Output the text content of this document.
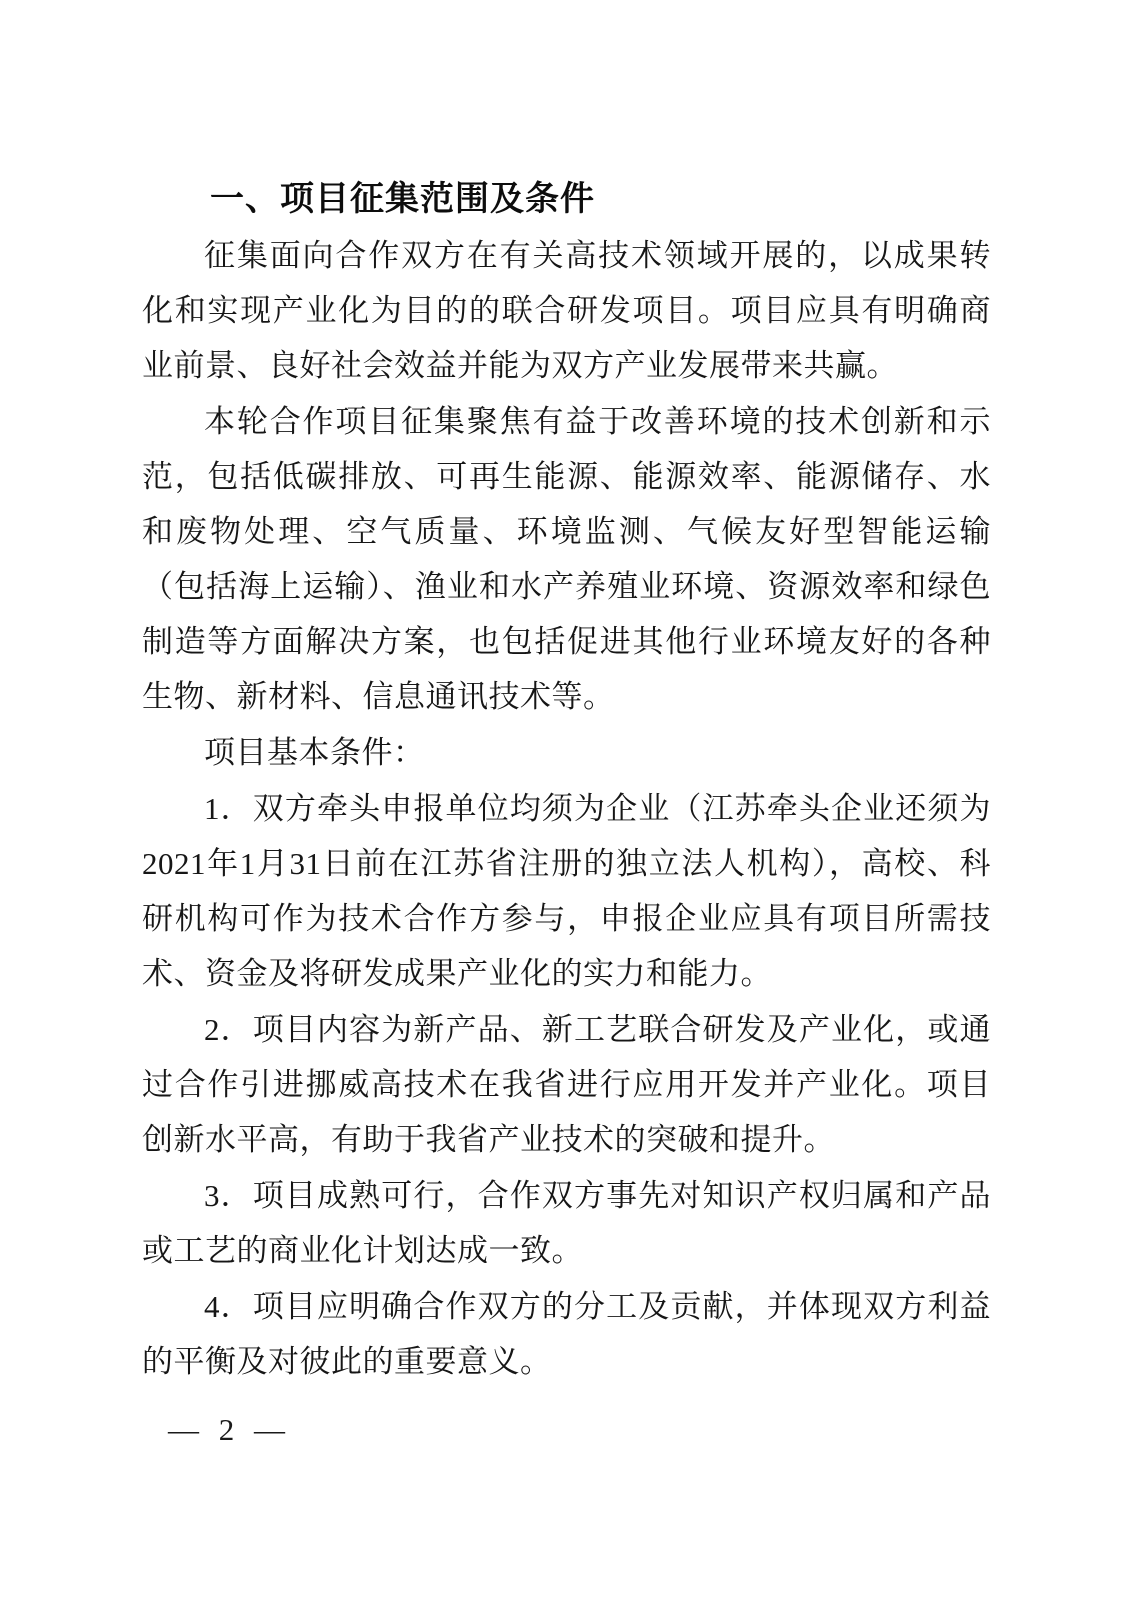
一、项目征集范围及条件

征集面向合作双方在有关高技术领域开展的，以成果转化和实现产业化为目的的联合研发项目。项目应具有明确商业前景、良好社会效益并能为双方产业发展带来共赢。

本轮合作项目征集聚焦有益于改善环境的技术创新和示范，包括低碳排放、可再生能源、能源效率、能源储存、水和废物处理、空气质量、环境监测、气候友好型智能运输（包括海上运输）、渔业和水产养殖业环境、资源效率和绿色制造等方面解决方案，也包括促进其他行业环境友好的各种生物、新材料、信息通讯技术等。

项目基本条件：

1．双方牵头申报单位均须为企业（江苏牵头企业还须为2021年1月31日前在江苏省注册的独立法人机构），高校、科研机构可作为技术合作方参与，申报企业应具有项目所需技术、资金及将研发成果产业化的实力和能力。

2．项目内容为新产品、新工艺联合研发及产业化，或通过合作引进挪威高技术在我省进行应用开发并产业化。项目创新水平高，有助于我省产业技术的突破和提升。

3．项目成熟可行，合作双方事先对知识产权归属和产品或工艺的商业化计划达成一致。

4．项目应明确合作双方的分工及贡献，并体现双方利益的平衡及对彼此的重要意义。

— 2 —
